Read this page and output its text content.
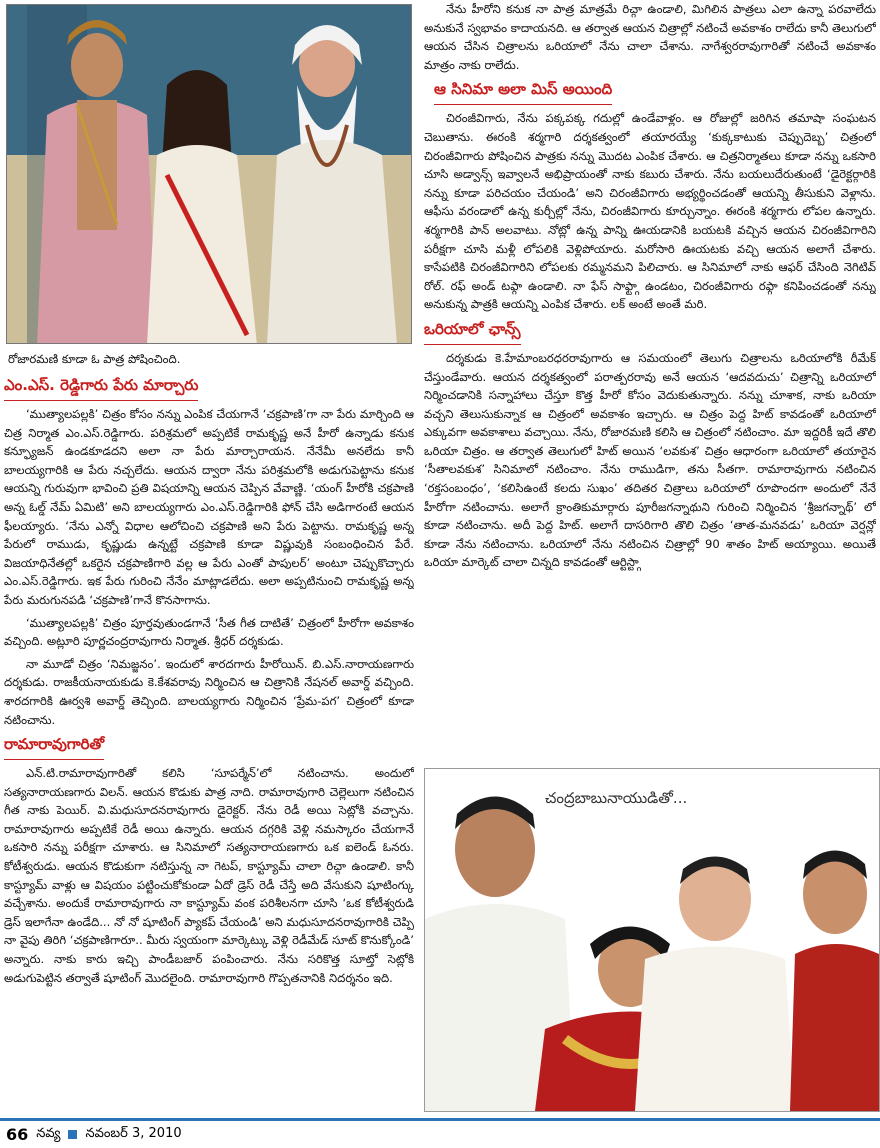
రోజారమణి కూడా ఓ పాత్ర పోషించింది.

ఎం.ఎస్. రెడ్డిగారు పేరు మార్చారు

‘ముత్యాలపల్లకి’ చిత్రం కోసం నన్ను ఎంపిక చేయగానే ‘చక్రపాణి’గా నా పేరు మార్చింది ఆ చిత్ర నిర్మాత ఎం.ఎస్.రెడ్డిగారు. పరిశ్రమలో అప్పటికే రామకృష్ణ అనే హీరో ఉన్నాడు కనుక కన్ఫ్యూజన్ ఉండకూడదని అలా నా పేరు మార్చారాయన. నేనేమీ అనలేదు కానీ బాలయ్యగారికి ఆ పేరు నచ్చలేదు. ఆయన ద్వారా నేను పరిశ్రమలోకి అడుగుపెట్టాను కనుక ఆయన్ని గురువుగా భావించి ప్రతి విషయాన్ని ఆయన చెప్పిన వేవాణ్ణి. ‘యంగ్ హీరోకి చక్రపాణి అన్న ఓల్డ్ నేమ్ ఏమిటి’ అని బాలయ్యగారు ఎం.ఎస్.రెడ్డిగారికి ఫోన్ చేసి అడిగారంటే ఆయన ఫీలయ్యారు. ‘నేను ఎన్నో విధాల ఆలోచించి చక్రపాణి అని పేరు పెట్టాను. రామకృష్ణ అన్న పేరులో రాముడు, కృష్ణుడు ఉన్నట్టే చక్రపాణి కూడా విష్ణువుకి సంబంధించిన పేరే. విజయాధినేతల్లో ఒకరైన చక్రపాణిగారి వల్ల ఆ పేరు ఎంతో పాపులర్’ అంటూ చెప్పుకొచ్చారు ఎం.ఎస్.రెడ్డిగారు. ఇక పేరు గురించి నేనేం మాట్లాడలేదు. అలా అప్పటినుంచి రామకృష్ణ అన్న పేరు మరుగునపడి ‘చక్రపాణి’గానే కొనసాగాను.

‘ముత్యాలపల్లకి’ చిత్రం పూర్తవుతుండగానే ‘సీత గీత దాటితే’ చిత్రంలో హీరోగా అవకాశం వచ్చింది. అట్లూరి పూర్ణచంద్రరావుగారు నిర్మాత. శ్రీధర్ దర్శకుడు.

నా మూడో చిత్రం ‘నిమజ్జనం’. ఇందులో శారదగారు హీరోయిన్. బి.ఎస్.నారాయణగారు దర్శకుడు. రాజకీయనాయకుడు కె.కేశవరావు నిర్మించిన ఆ చిత్రానికి నేషనల్ అవార్డ్ వచ్చింది. శారదగారికి ఊర్వశి అవార్డ్ తెచ్చింది. బాలయ్యగారు నిర్మించిన ‘ప్రేమ-పగ’ చిత్రంలో కూడా నటించాను.

రామారావుగారితో

ఎన్.టి.రామారావుగారితో కలిసి ‘సూపర్మేన్’లో నటించాను. అందులో సత్యనారాయణగారు విలన్. ఆయన కొడుకు పాత్ర నాది. రామారావుగారి చెల్లెలుగా నటించిన గీత నాకు పెయిర్. వి.మధుసూదనరావుగారు డైరెక్టర్. నేను రెడీ అయి సెట్లోకి వచ్చాను. రామారావుగారు అప్పటికే రెడీ అయి ఉన్నారు. ఆయన దగ్గరికి వెళ్లి నమస్కారం చేయగానే ఒకసారి నన్ను పరీక్షగా చూశారు. ఆ సినిమాలో సత్యనారాయణగారు ఒక ఐలెండ్ ఓనరు. కోటీశ్వరుడు. ఆయన కొడుకుగా నటిస్తున్న నా గెటప్, కాస్ట్యూమ్ చాలా రిచ్గా ఉండాలి. కానీ కాస్ట్యూమ్ వాళ్లు ఆ విషయం పట్టించుకోకుండా ఏదో డ్రెస్ రెడీ చేస్తే అది వేసుకుని షూటింగ్కు వచ్చేశాను. అందుకే రామారావుగారు నా కాస్ట్యూమ్ వంక పరిశీలనగా చూసి ‘ఒక కోటీశ్వరుడి డ్రెస్ ఇలాగేనా ఉండేది... నో నో షూటింగ్ ప్యాకప్ చేయండి’ అని మధుసూదనరావుగారికి చెప్పి నా వైపు తిరిగి ‘చక్రపాణిగారూ.. మీరు స్వయంగా మార్కెట్కు వెళ్లి రెడీమేడ్ సూట్ కొనుక్కోండి’ అన్నారు. నాకు కారు ఇచ్చి పాండీబజార్ పంపించారు. నేను సరికొత్త సూట్తో సెట్లోకి అడుగుపెట్టిన తర్వాతే షూటింగ్ మొదలైంది. రామారావుగారి గొప్పతనానికి నిదర్శనం ఇది.

నేను హీరోని కనుక నా పాత్ర మాత్రమే రిచ్గా ఉండాలి, మిగిలిన పాత్రలు ఎలా ఉన్నా పరవాలేదు అనుకునే స్వభావం కాదాయనది. ఆ తర్వాత ఆయన చిత్రాల్లో నటించే అవకాశం రాలేదు కానీ తెలుగులో ఆయన చేసిన చిత్రాలను ఒరియాలో నేను చాలా చేశాను. నాగేశ్వరరావుగారితో నటించే అవకాశం మాత్రం నాకు రాలేదు.

ఆ సినిమా అలా మిస్ అయింది

చిరంజీవిగారు, నేను పక్కపక్క గదుల్లో ఉండేవాళ్లం. ఆ రోజుల్లో జరిగిన తమాషా సంఘటన చెబుతాను. ఈరంకి శర్మగారి దర్శకత్వంలో తయారయ్యే ‘కుక్కకాటుకు చెప్పుదెబ్బ’ చిత్రంలో చిరంజీవిగారు పోషించిన పాత్రకు నన్ను మొదట ఎంపిక చేశారు. ఆ చిత్రనిర్మాతలు కూడా నన్ను ఒకసారి చూసి అడ్వాన్స్ ఇవ్వాలనే అభిప్రాయంతో నాకు కబురు చేశారు. నేను బయలుదేరుతుంటే ‘డైరెక్టర్గారికి నన్ను కూడా పరిచయం చేయండి’ అని చిరంజీవిగారు అభ్యర్థించడంతో ఆయన్ని తీసుకుని వెళ్లాను. ఆఫీసు వరండాలో ఉన్న కుర్చీల్లో నేను, చిరంజీవిగారు కూర్చున్నాం. ఈరంకి శర్మగారు లోపల ఉన్నారు. శర్మగారికి పాన్ అలవాటు. నోట్లో ఉన్న పాన్ని ఊయడానికి బయటకి వచ్చిన ఆయన చిరంజీవిగారిని పరీక్షగా చూసి మళ్లీ లోపలికి వెళ్లిపోయారు. మరోసారి ఊయటకు వచ్చి ఆయన అలాగే చేశారు. కాసేపటికి చిరంజీవిగారిని లోపలకు రమ్మనమని పిలిచారు. ఆ సినిమాలో నాకు ఆఫర్ చేసింది నెగిటివ్ రోల్. రఫ్ అండ్ టఫ్గా ఉండాలి. నా ఫేస్ సాఫ్ట్గా ఉండటం, చిరంజీవిగారు రఫ్గా కనిపించడంతో నన్ను అనుకున్న పాత్రకి ఆయన్ని ఎంపిక చేశారు. లక్ అంటే అంతే మరి.

ఒరియాలో ఛాన్స్

దర్శకుడు కె.హేమాంబరధరరావుగారు ఆ సమయంలో తెలుగు చిత్రాలను ఒరియాలోకి రీమేక్ చేస్తుండేవారు. ఆయన దర్శకత్వంలో పరాత్పరరావు అనే ఆయన ‘ఆదవదుచు’ చిత్రాన్ని ఒరియాలో నిర్మించడానికి సన్నాహాలు చేస్తూ కొత్త హీరో కోసం వెదుకుతున్నారు. నన్ను చూశాక, నాకు ఒరియా వచ్చని తెలుసుకున్నాక ఆ చిత్రంలో అవకాశం ఇచ్చారు. ఆ చిత్రం పెద్ద హిట్ కావడంతో ఒరియాలో ఎక్కువగా అవకాశాలు వచ్చాయి. నేను, రోజారమణి కలిసి ఆ చిత్రంలో నటించాం. మా ఇద్దరికీ ఇదే తొలి ఒరియా చిత్రం. ఆ తర్వాత తెలుగులో హిట్ అయిన ‘లవకుశ’ చిత్రం ఆధారంగా ఒరియాలో తయారైన ‘సీతాలవకుశ’ సినిమాలో నటించాం. నేను రాముడిగా, తను సీతగా. రామారావుగారు నటించిన ‘రక్తసంబంధం’, ‘కలిసిఉంటే కలదు సుఖం’ తదితర చిత్రాలు ఒరియాలో రూపొందగా అందులో నేనే హీరోగా నటించాను. అలాగే క్రాంతికుమార్గారు పూరీజగన్నాథుని గురించి నిర్మించిన ‘శ్రీజగన్నాథ్’ లో కూడా నటించాను. అదీ పెద్ద హిట్. అలాగే దాసరిగారి తొలి చిత్రం ‘తాత-మనవడు’ ఒరియా వెర్షన్లో కూడా నేను నటించాను. ఒరియాలో నేను నటించిన చిత్రాల్లో 90 శాతం హిట్ అయ్యాయి. అయితే ఒరియా మార్కెట్ చాలా చిన్నది కావడంతో ఆర్టిస్ట్గా

చంద్రబాబునాయుడితో...
66 నవ్య నవంబర్ 3, 2010
